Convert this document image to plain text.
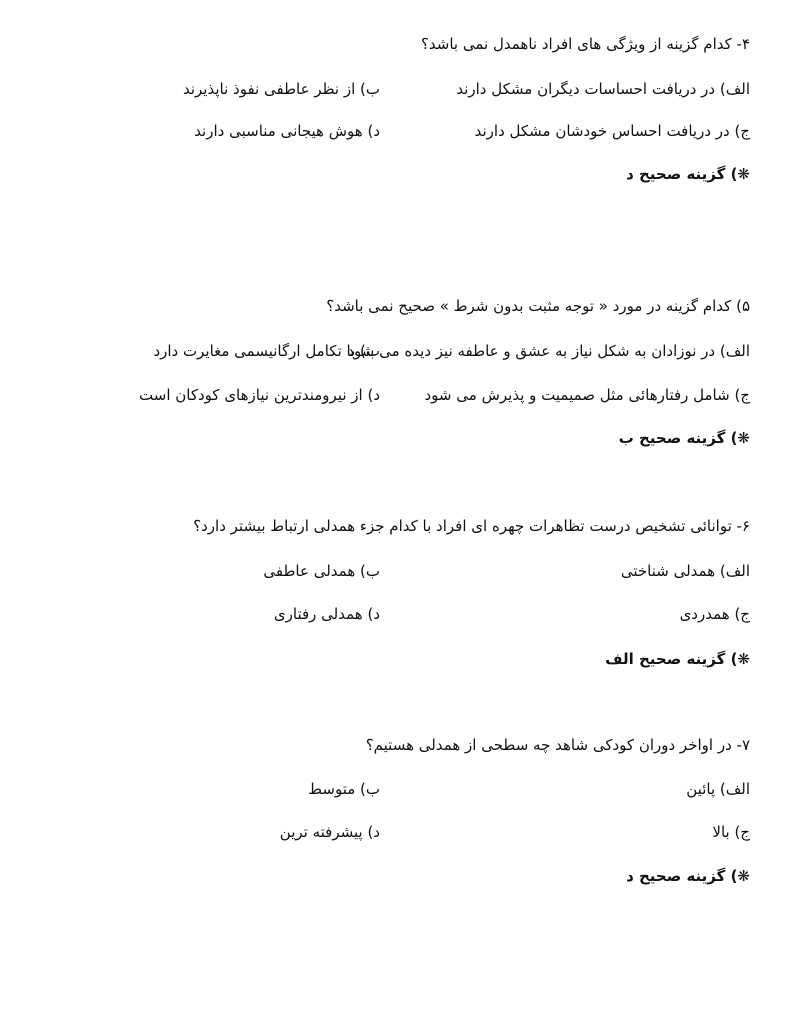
۴- کدام گزینه از ویژگی های افراد ناهمدل نمی باشد؟
الف) در دریافت احساسات دیگران مشکل دارند
ب) از نظر عاطفی نفوذ ناپذیرند
ج) در دریافت احساس خودشان مشکل دارند
د) هوش هیجانی مناسبی دارند
❋) گزینه صحیح د
۵) کدام گزینه در مورد « توجه مثبت بدون شرط » صحیح نمی باشد؟
الف) در نوزادان به شکل نیاز به عشق و عاطفه نیز دیده می شود
ب) با تکامل ارگانیسمی مغایرت دارد
ج) شامل رفتارهائی مثل صمیمیت و پذیرش می شود
د) از نیرومندترین نیازهای کودکان است
❋) گزینه صحیح ب
۶- توانائی تشخیص درست تظاهرات چهره ای افراد با کدام جزء همدلی ارتباط بیشتر دارد؟
الف) همدلی شناختی
ب) همدلی عاطفی
ج) همدردی
د) همدلی رفتاری
❋) گزینه صحیح الف
۷- در اواخر دوران کودکی شاهد چه سطحی از همدلی هستیم؟
الف) پائین
ب) متوسط
ج) بالا
د) پیشرفته ترین
❋) گزینه صحیح د
